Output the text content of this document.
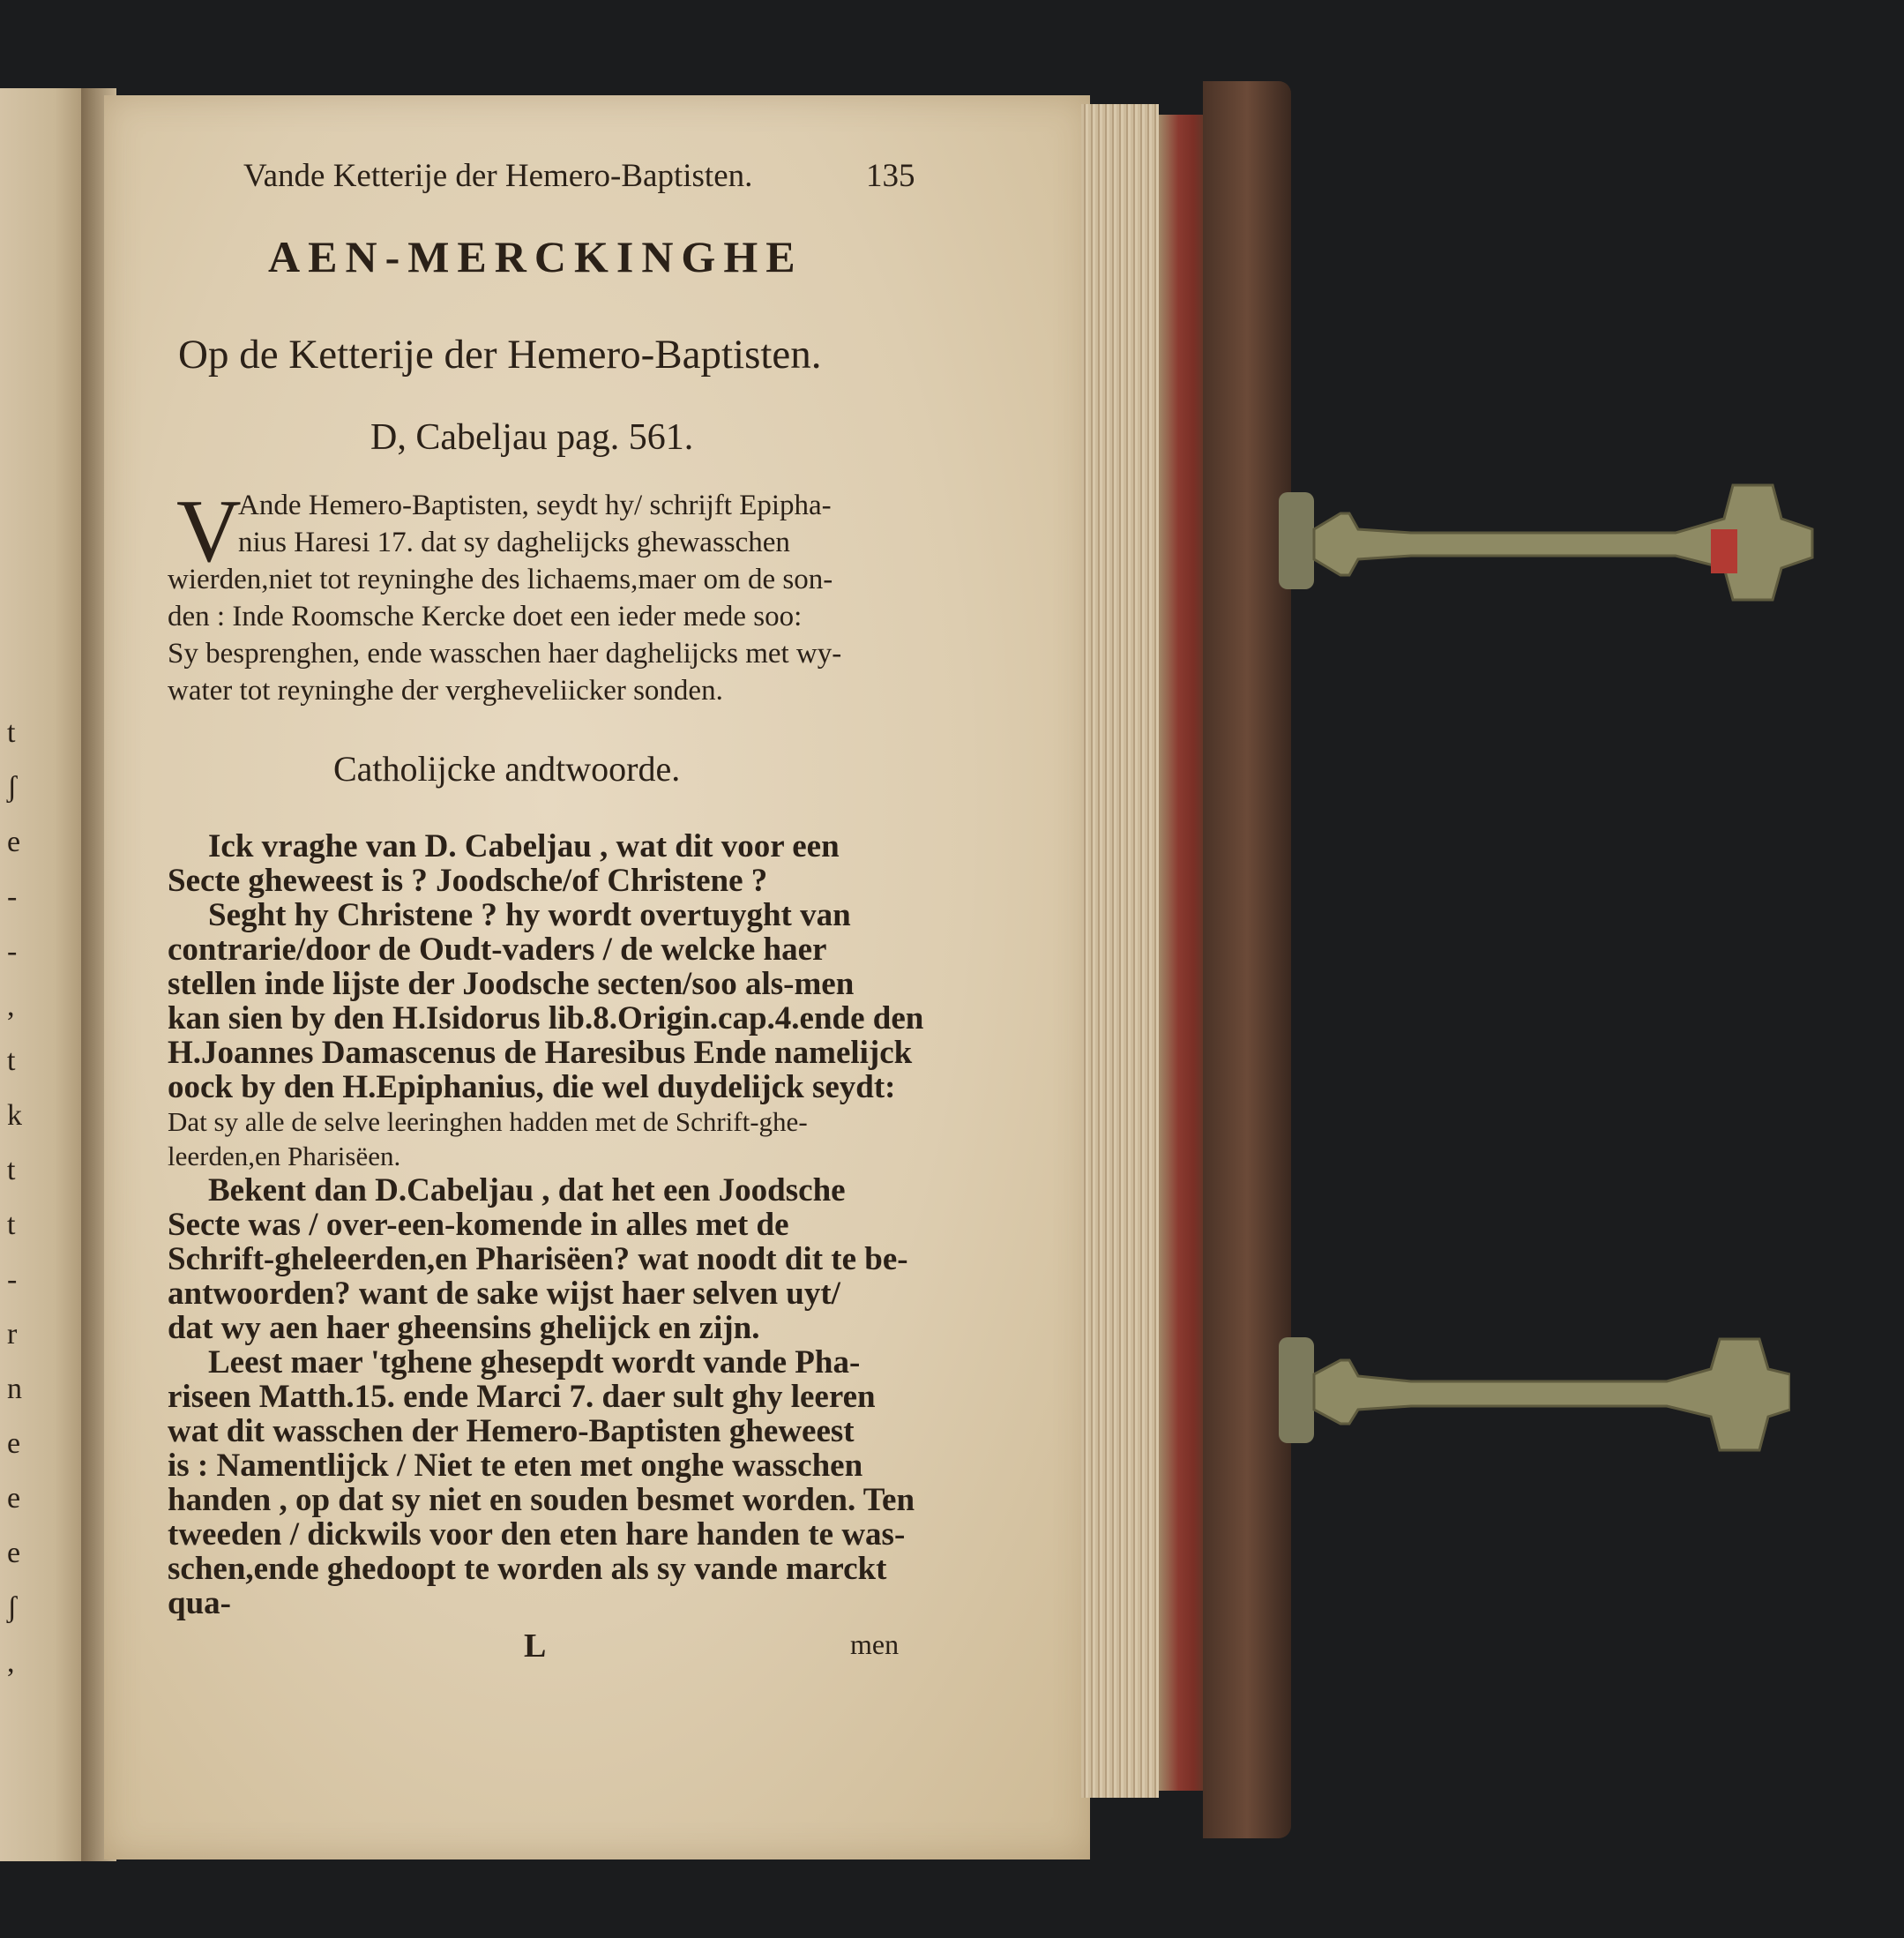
t
ʃ
e
-
-
,
t
k
t
t
-
r
n
e
e
e
ʃ
,
Vande Ketterije der Hemero-Baptisten.	135
AEN-MERCKINGHE
Op de Ketterije der Hemero-Baptisten.
D, Cabeljau pag. 561.
V

Ande Hemero-Baptisten, seydt hy/ schrijft Epipha-

nius Haresi 17. dat sy daghelijcks ghewasschen

wierden,niet tot reyninghe des lichaems,maer om de son-

den : Inde Roomsche Kercke doet een ieder mede soo:

Sy besprenghen, ende wasschen haer daghelijcks met wy-

water tot reyninghe der vergheveliicker sonden.

Catholijcke andtwoorde.

Ick vraghe van D. Cabeljau , wat dit voor een

Secte gheweest is ? Joodsche/of Christene ?

Seght hy Christene ? hy wordt overtuyght van

contrarie/door de Oudt-vaders / de welcke haer

stellen inde lijste der Joodsche secten/soo als-men

kan sien by den H.Isidorus lib.8.Origin.cap.4.ende den

H.Joannes Damascenus de Haresibus Ende namelijck

oock by den H.Epiphanius, die wel duydelijck seydt:

Dat sy alle de selve leeringhen hadden met de Schrift-ghe-

leerden,en Pharisëen.

Bekent dan D.Cabeljau , dat het een Joodsche

Secte was / over-een-komende in alles met de

Schrift-gheleerden,en Pharisëen? wat noodt dit te be-

antwoorden? want de sake wijst haer selven uyt/

dat wy aen haer gheensins ghelijck en zijn.

Leest maer 'tghene ghesepdt wordt vande Pha-

riseen Matth.15. ende Marci 7. daer sult ghy leeren

wat dit wasschen der Hemero-Baptisten gheweest

is : Namentlijck / Niet te eten met onghe wasschen

handen , op dat sy niet en souden besmet worden. Ten

tweeden / dickwils voor den eten hare handen te was-

schen,ende ghedoopt te worden als sy vande marckt qua-

L	men
